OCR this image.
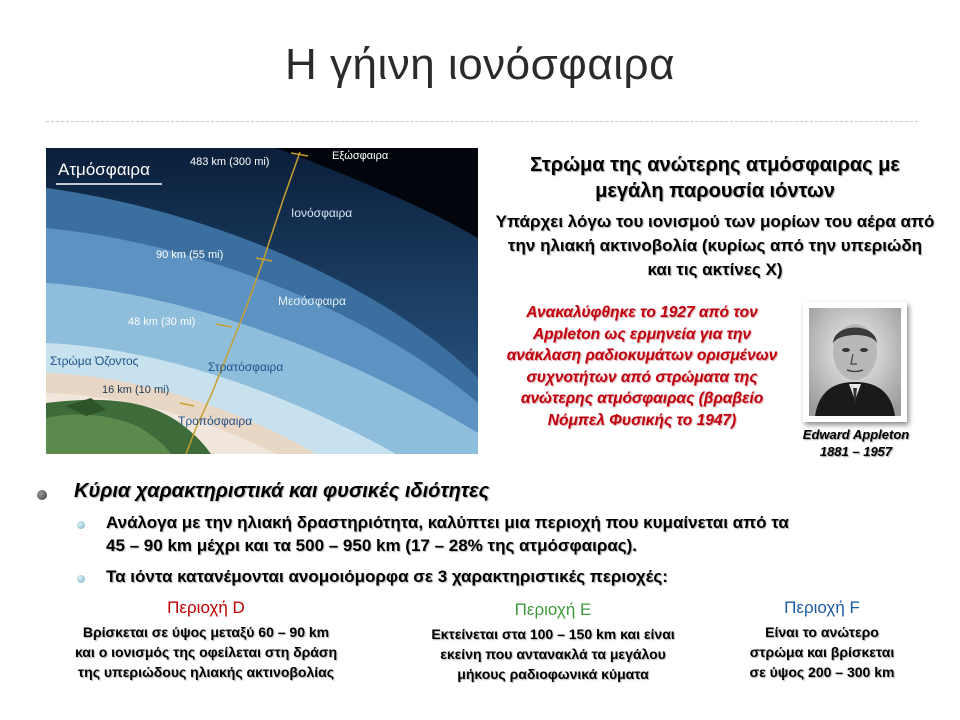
Η γήινη ιονόσφαιρα
Ατμόσφαιρα
Εξώσφαιρα
Ιονόσφαιρα
Μεσόσφαιρα
Στρώμα Όζοντος	Στρατόσφαιρα
Τροπόσφαιρα
483 km (300 mi)
90 km (55 mi)
48 km (30 mi)
16 km (10 mi)
Στρώμα της ανώτερης ατμόσφαιρας με μεγάλη παρουσία ιόντων
Υπάρχει λόγω του ιονισμού των μορίων του αέρα από την ηλιακή ακτινοβολία (κυρίως από την υπεριώδη και τις ακτίνες Χ)
Ανακαλύφθηκε το 1927 από τον Appleton ως ερμηνεία για την ανάκλαση ραδιοκυμάτων ορισμένων συχνοτήτων από στρώματα της ανώτερης ατμόσφαιρας (βραβείο Νόμπελ Φυσικής το 1947)
Edward Appleton
1881 – 1957
Κύρια χαρακτηριστικά και φυσικές ιδιότητες
Ανάλογα με την ηλιακή δραστηριότητα, καλύπτει μια περιοχή που κυμαίνεται από τα
45 – 90 km μέχρι και τα 500 – 950 km (17 – 28% της ατμόσφαιρας).
Τα ιόντα κατανέμονται ανομοιόμορφα σε 3 χαρακτηριστικές περιοχές:
Περιοχή D
Βρίσκεται σε ύψος μεταξύ 60 – 90 km
και ο ιονισμός της οφείλεται στη δράση
της υπεριώδους ηλιακής ακτινοβολίας
Περιοχή E
Εκτείνεται στα 100 – 150 km και είναι
εκείνη που αντανακλά τα μεγάλου
μήκους ραδιοφωνικά κύματα
Περιοχή F
Είναι το ανώτερο
στρώμα και βρίσκεται
σε ύψος 200 – 300 km
